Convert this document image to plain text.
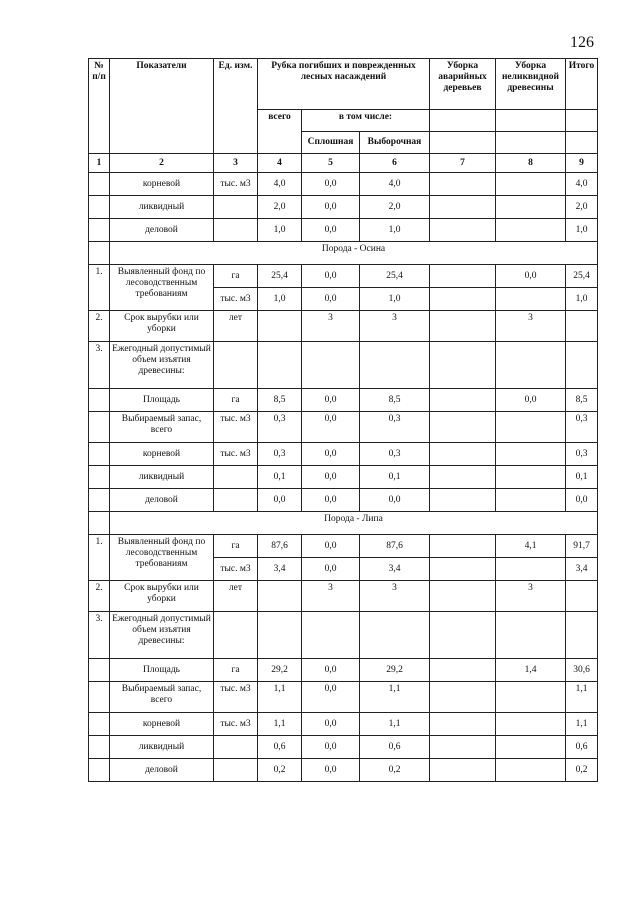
126
№ п/п	Показатели	Ед. изм.	Рубка погибших и поврежденных лесных насаждений			Уборка аварийных деревьев	Уборка неликвидной древесины	Итого
			всего	в том числе:				
				Сплошная	Выборочная			
1	2	3	4	5	6	7	8	9
	корневой	тыс. м3	4,0	0,0	4,0			4,0
	ликвидный		2,0	0,0	2,0			2,0
	деловой		1,0	0,0	1,0			1,0
	Порода - Осина							
1.	Выявленный фонд по лесоводственным требованиям	га	25,4	0,0	25,4		0,0	25,4
		тыс. м3	1,0	0,0	1,0			1,0
2.	Срок вырубки или уборки	лет		3	3		3	
3.	Ежегодный допустимый объем изъятия древесины:							
	Площадь	га	8,5	0,0	8,5		0,0	8,5
	Выбираемый запас, всего	тыс. м3	0,3	0,0	0,3			0,3
	корневой	тыс. м3	0,3	0,0	0,3			0,3
	ликвидный		0,1	0,0	0,1			0,1
	деловой		0,0	0,0	0,0			0,0
	Порода - Липа							
1.	Выявленный фонд по лесоводственным требованиям	га	87,6	0,0	87,6		4,1	91,7
		тыс. м3	3,4	0,0	3,4			3,4
2.	Срок вырубки или уборки	лет		3	3		3	
3.	Ежегодный допустимый объем изъятия древесины:							
	Площадь	га	29,2	0,0	29,2		1,4	30,6
	Выбираемый запас, всего	тыс. м3	1,1	0,0	1,1			1,1
	корневой	тыс. м3	1,1	0,0	1,1			1,1
	ликвидный		0,6	0,0	0,6			0,6
	деловой		0,2	0,0	0,2			0,2
